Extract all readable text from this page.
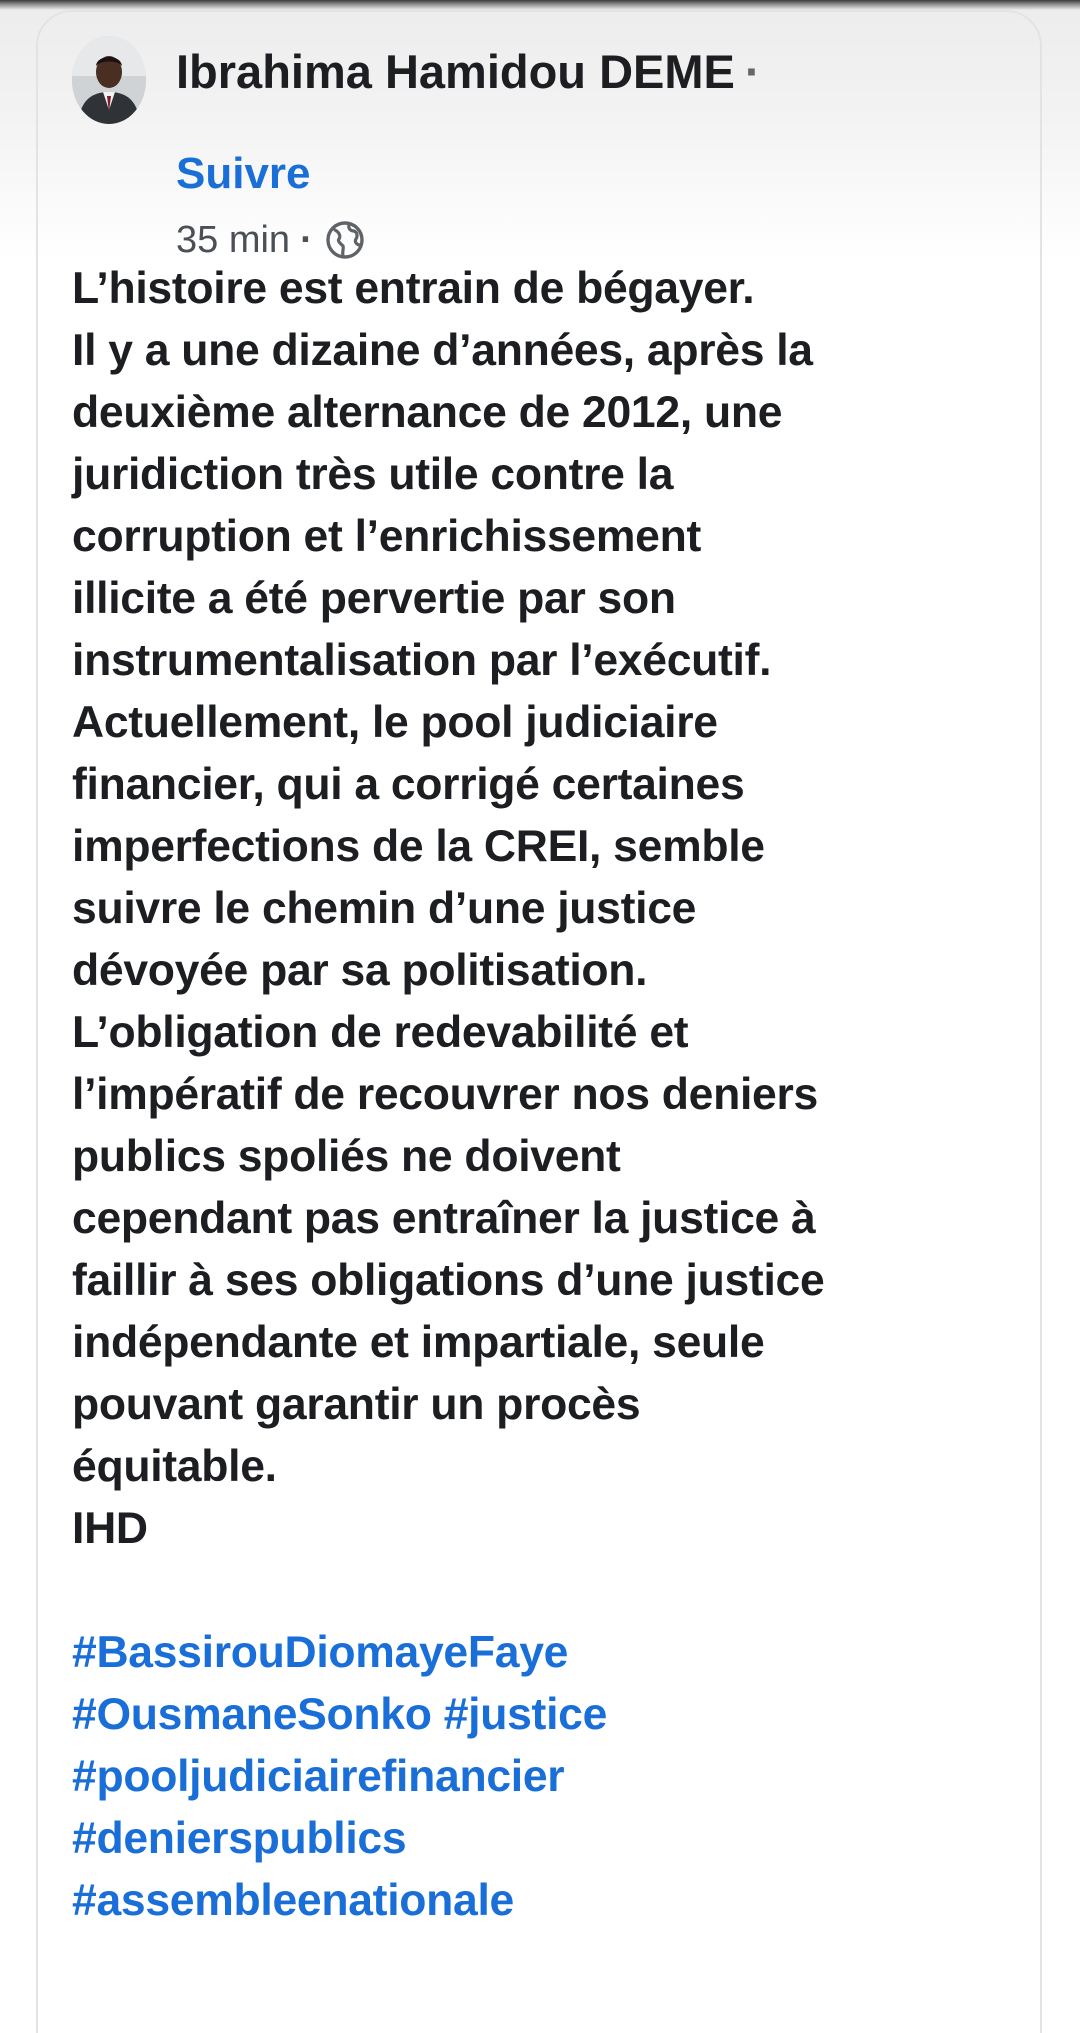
Ibrahima Hamidou DEME ·
Suivre
35 min ·
L’histoire est entrain de bégayer.
Il y a une dizaine d’années, après la
deuxième alternance de 2012, une
juridiction très utile contre la
corruption et l’enrichissement
illicite a été pervertie par son
instrumentalisation par l’exécutif.
Actuellement, le pool judiciaire
financier, qui a corrigé certaines
imperfections de la CREI, semble
suivre le chemin d’une justice
dévoyée par sa politisation.
L’obligation de redevabilité et
l’impératif de recouvrer nos deniers
publics spoliés ne doivent
cependant pas entraîner la justice à
faillir à ses obligations d’une justice
indépendante et impartiale, seule
pouvant garantir un procès
équitable.
IHD
#BassirouDiomayeFaye
#OusmaneSonko #justice
#pooljudiciairefinancier
#denierspublics
#assembleenationale
